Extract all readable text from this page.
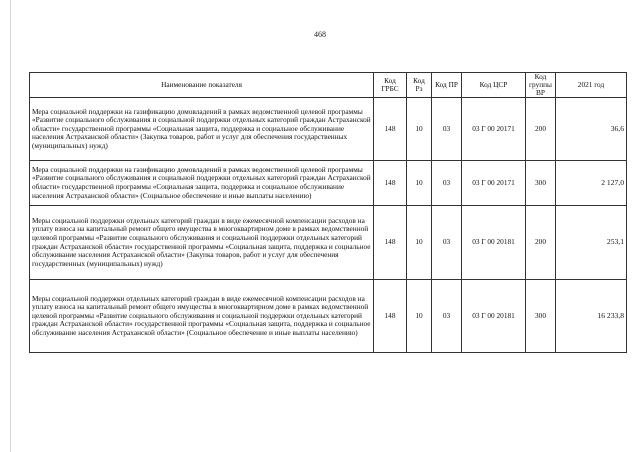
468
Наименование показателя	Код ГРБС	Код Рз	Код ПР	Код ЦСР	Код группы ВР	2021 год
Мера социальной поддержки на газификацию домовладений в рамках ведомственной целевой программы «Развитие социального обслуживания и социальной поддержки отдельных категорий граждан Астраханской области» государственной программы «Социальная защита, поддержка и социальное обслуживание населения Астраханской области» (Закупка товаров, работ и услуг для обеспечения государственных (муниципальных) нужд)	148	10	03	03 Г 00 20171	200	36,6
Мера социальной поддержки на газификацию домовладений в рамках ведомственной целевой программы «Развитие социального обслуживания и социальной поддержки отдельных категорий граждан Астраханской области» государственной программы «Социальная защита, поддержка и социальное обслуживание населения Астраханской области» (Социальное обеспечение и иные выплаты населению)	148	10	03	03 Г 00 20171	300	2 127,0
Меры социальной поддержки отдельных категорий граждан в виде ежемесячной компенсации расходов на уплату взноса на капитальный ремонт общего имущества в многоквартирном доме в рамках ведомственной целевой программы «Развитие социального обслуживания и социальной поддержки отдельных категорий граждан Астраханской области» государственной программы «Социальная защита, поддержка и социальное обслуживание населения Астраханской области» (Закупка товаров, работ и услуг для обеспечения государственных (муниципальных) нужд)	148	10	03	03 Г 00 20181	200	253,1
Меры социальной поддержки отдельных категорий граждан в виде ежемесячной компенсации расходов на уплату взноса на капитальный ремонт общего имущества в многоквартирном доме в рамках ведомственной целевой программы «Развитие социального обслуживания и социальной поддержки отдельных категорий граждан Астраханской области» государственной программы «Социальная защита, поддержка и социальное обслуживание населения Астраханской области» (Социальное обеспечение и иные выплаты населению)	148	10	03	03 Г 00 20181	300	16 233,8
